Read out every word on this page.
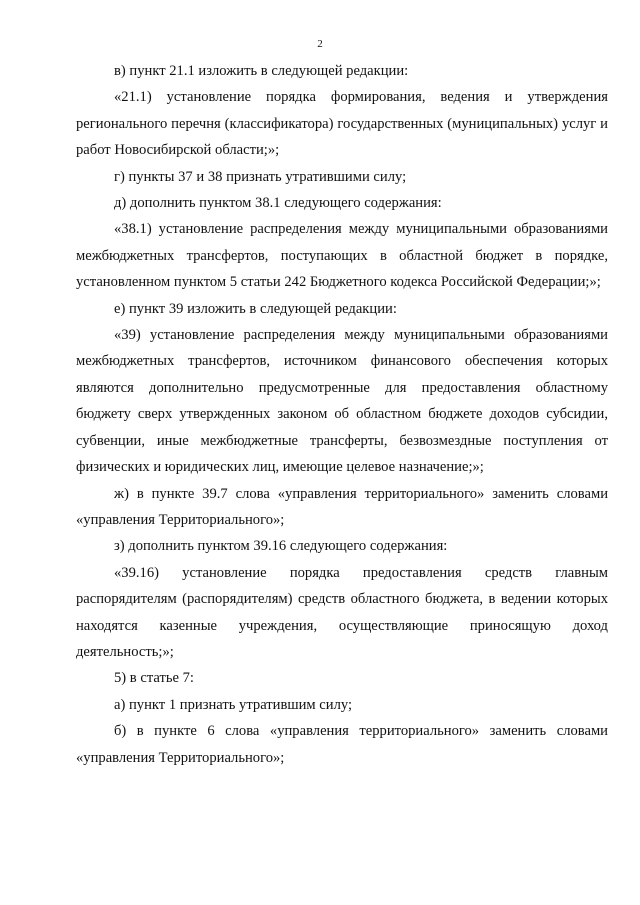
2

в) пункт 21.1 изложить в следующей редакции:

«21.1) установление порядка формирования, ведения и утверждения регионального перечня (классификатора) государственных (муниципальных) услуг и работ Новосибирской области;»;

г) пункты 37 и 38 признать утратившими силу;

д) дополнить пунктом 38.1 следующего содержания:

«38.1) установление распределения между муниципальными образованиями межбюджетных трансфертов, поступающих в областной бюджет в порядке, установленном пунктом 5 статьи 242 Бюджетного кодекса Российской Федерации;»;

е) пункт 39 изложить в следующей редакции:

«39) установление распределения между муниципальными образованиями межбюджетных трансфертов, источником финансового обеспечения которых являются дополнительно предусмотренные для предоставления областному бюджету сверх утвержденных законом об областном бюджете доходов субсидии, субвенции, иные межбюджетные трансферты, безвозмездные поступления от физических и юридических лиц, имеющие целевое назначение;»;

ж) в пункте 39.7 слова «управления территориального» заменить словами «управления Территориального»;

з) дополнить пунктом 39.16 следующего содержания:

«39.16) установление порядка предоставления средств главным распорядителям (распорядителям) средств областного бюджета, в ведении которых находятся казенные учреждения, осуществляющие приносящую доход деятельность;»;

5) в статье 7:

а) пункт 1 признать утратившим силу;

б) в пункте 6 слова «управления территориального» заменить словами «управления Территориального»;
